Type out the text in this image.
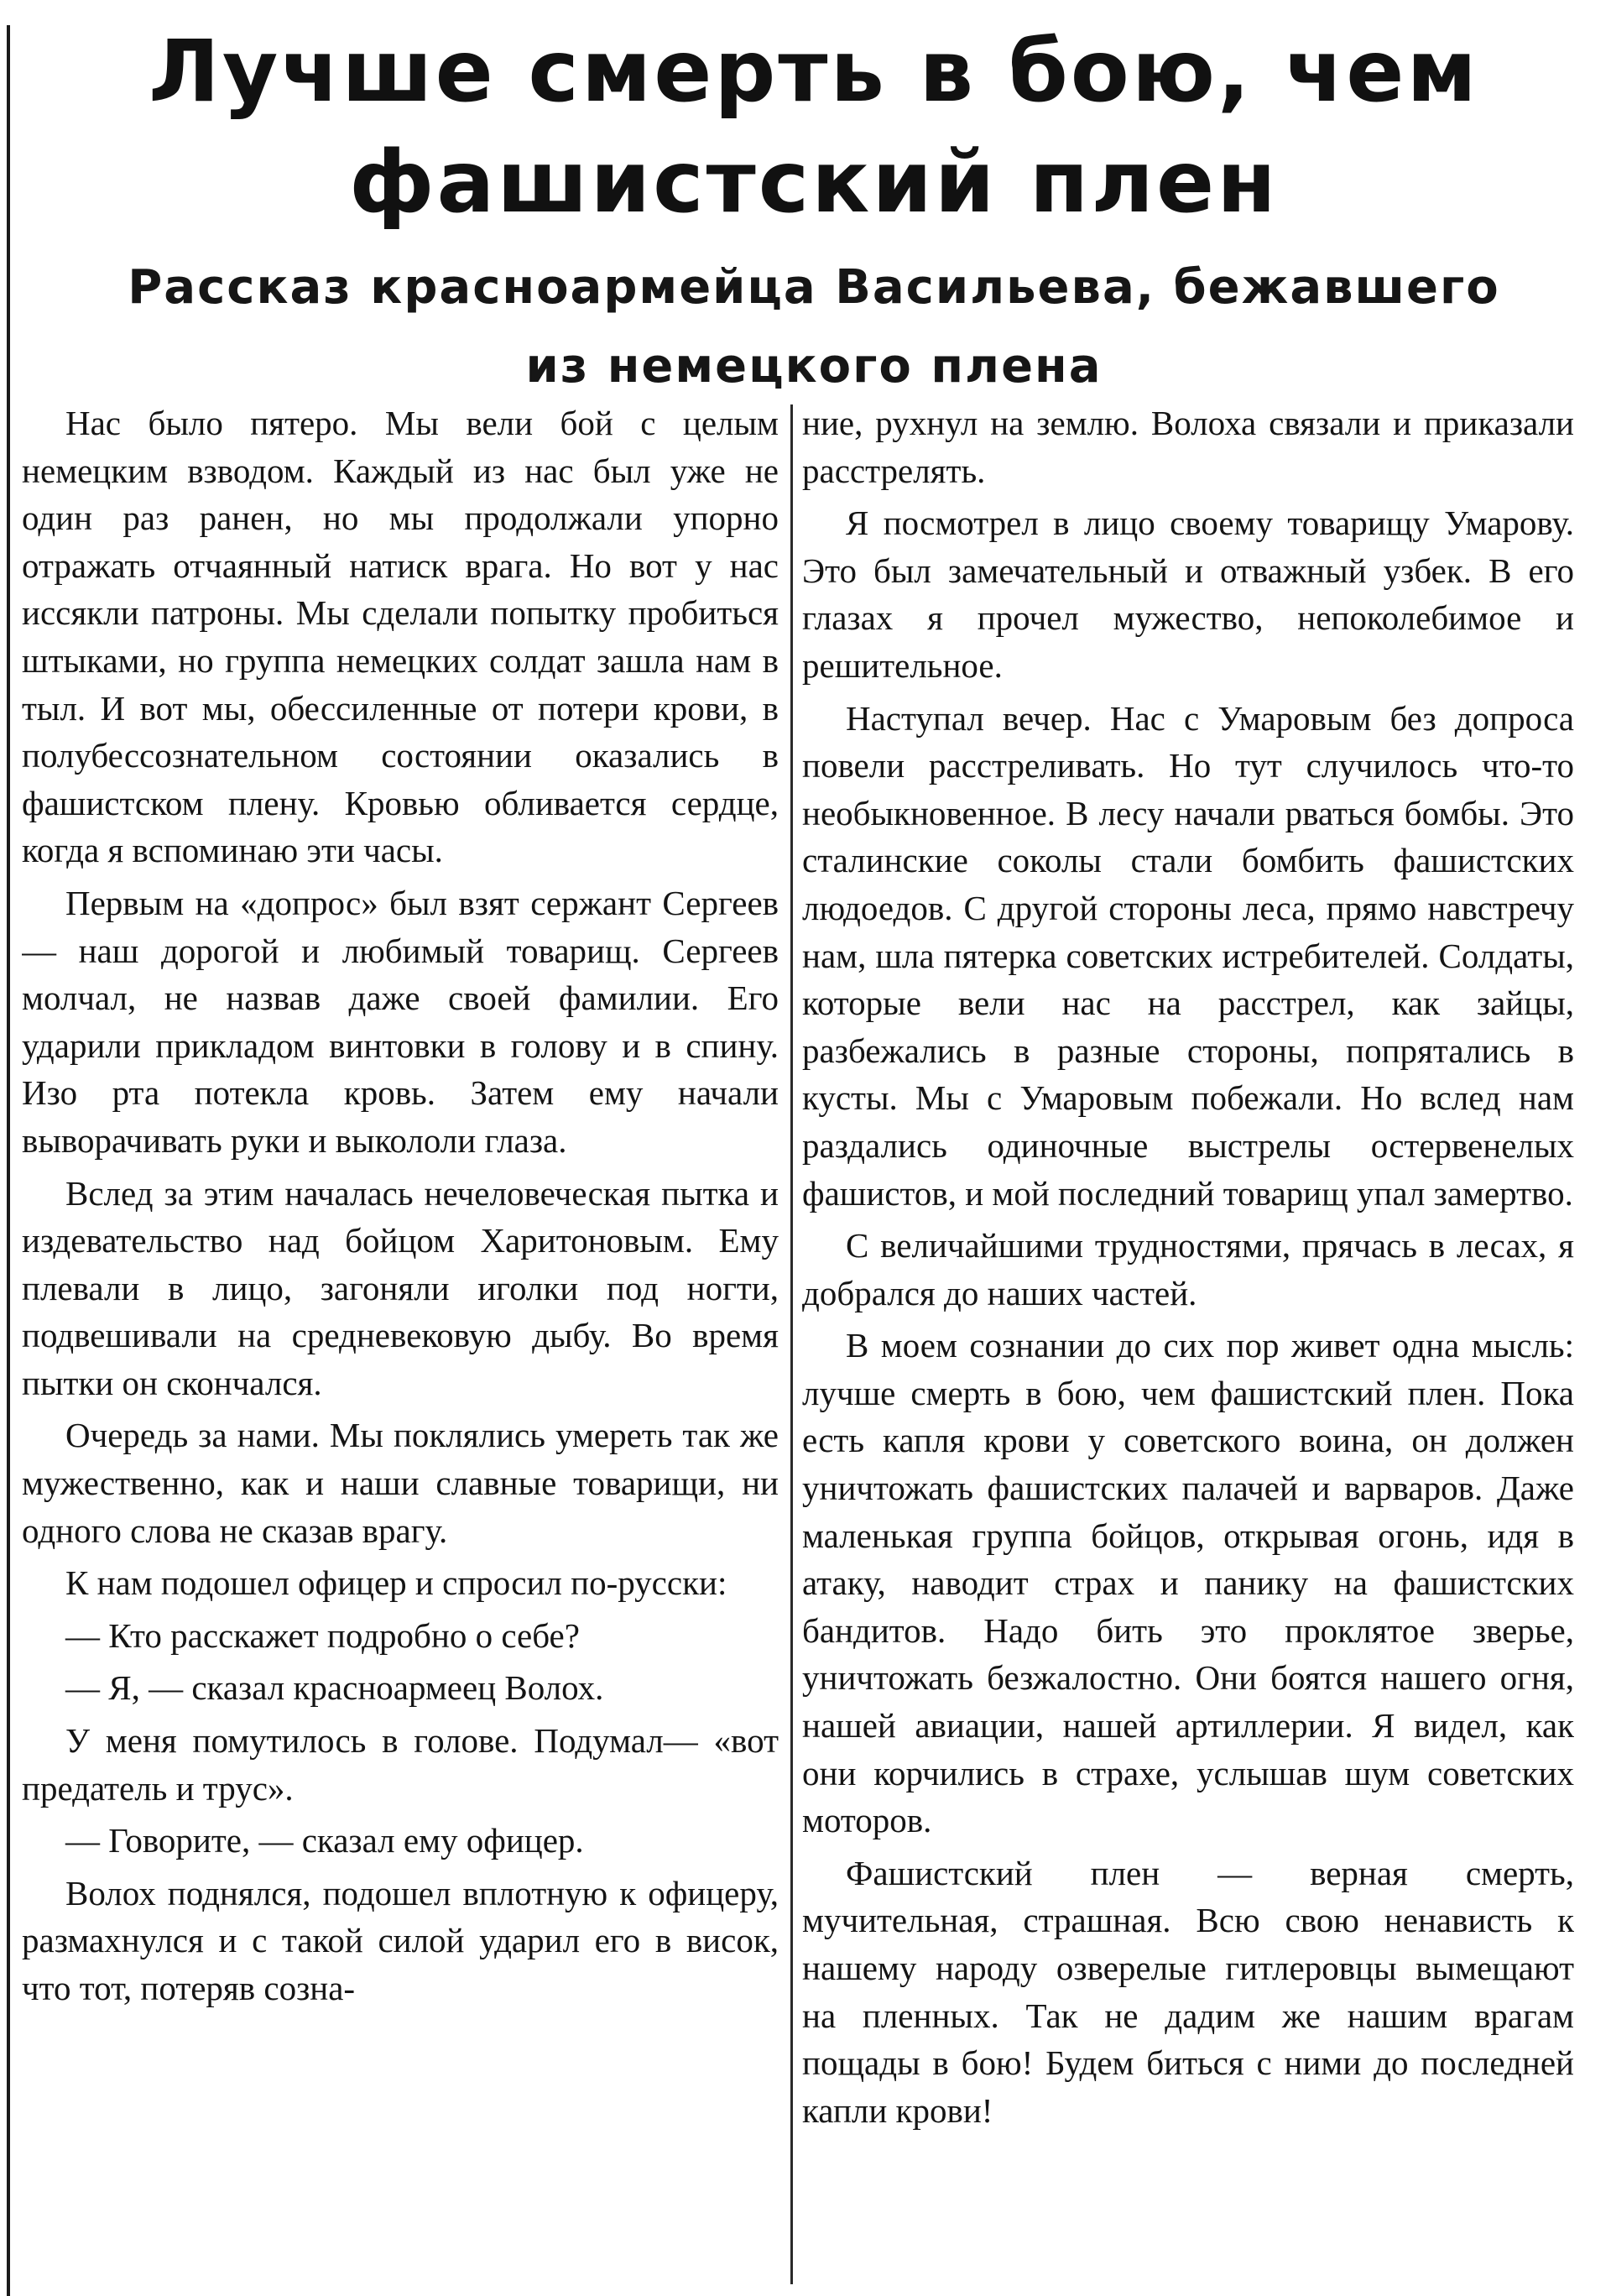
Лучше смерть в бою, чем
фашистский плен
Рассказ красноармейца Васильева, бежавшего
из немецкого плена

Нас было пятеро. Мы вели бой с целым немецким взводом. Каждый из нас был уже не один раз ранен, но мы продолжали упорно отражать отчаянный натиск врага. Но вот у нас иссякли патроны. Мы сделали попытку пробиться штыками, но группа немецких солдат зашла нам в тыл. И вот мы, обессиленные от потери крови, в полубессознательном состоянии оказались в фашистском плену. Кровью обливается сердце, когда я вспоминаю эти часы.

Первым на «допрос» был взят сержант Сергеев — наш дорогой и любимый товарищ. Сергеев молчал, не назвав даже своей фамилии. Его ударили прикладом винтовки в голову и в спину. Изо рта потекла кровь. Затем ему начали выворачивать руки и выкололи глаза.

Вслед за этим началась нечеловеческая пытка и издевательство над бойцом Харитоновым. Ему плевали в лицо, загоняли иголки под ногти, подвешивали на средневековую дыбу. Во время пытки он скончался.

Очередь за нами. Мы поклялись умереть так же мужественно, как и наши славные товарищи, ни одного слова не сказав врагу.

К нам подошел офицер и спросил по-русски:

— Кто расскажет подробно о себе?

— Я, — сказал красноармеец Волох.

У меня помутилось в голове. Подумал— «вот предатель и трус».

— Говорите, — сказал ему офицер.

Волох поднялся, подошел вплотную к офицеру, размахнулся и с такой силой ударил его в висок, что тот, потеряв созна-

ние, рухнул на землю. Волоха связали и приказали расстрелять.

Я посмотрел в лицо своему товарищу Умарову. Это был замечательный и отважный узбек. В его глазах я прочел мужество, непоколебимое и решительное.

Наступал вечер. Нас с Умаровым без допроса повели расстреливать. Но тут случилось что-то необыкновенное. В лесу начали рваться бомбы. Это сталинские соколы стали бомбить фашистских людоедов. С другой стороны леса, прямо навстречу нам, шла пятерка советских истребителей. Солдаты, которые вели нас на расстрел, как зайцы, разбежались в разные стороны, попрятались в кусты. Мы с Умаровым побежали. Но вслед нам раздались одиночные выстрелы остервенелых фашистов, и мой последний товарищ упал замертво.

С величайшими трудностями, прячась в лесах, я добрался до наших частей.

В моем сознании до сих пор живет одна мысль: лучше смерть в бою, чем фашистский плен. Пока есть капля крови у советского воина, он должен уничтожать фашистских палачей и варваров. Даже маленькая группа бойцов, открывая огонь, идя в атаку, наводит страх и панику на фашистских бандитов. Надо бить это проклятое зверье, уничтожать безжалостно. Они боятся нашего огня, нашей авиации, нашей артиллерии. Я видел, как они корчились в страхе, услышав шум советских моторов.

Фашистский плен — верная смерть, мучительная, страшная. Всю свою ненависть к нашему народу озверелые гитлеровцы вымещают на пленных. Так не дадим же нашим врагам пощады в бою! Будем биться с ними до последней капли крови!
